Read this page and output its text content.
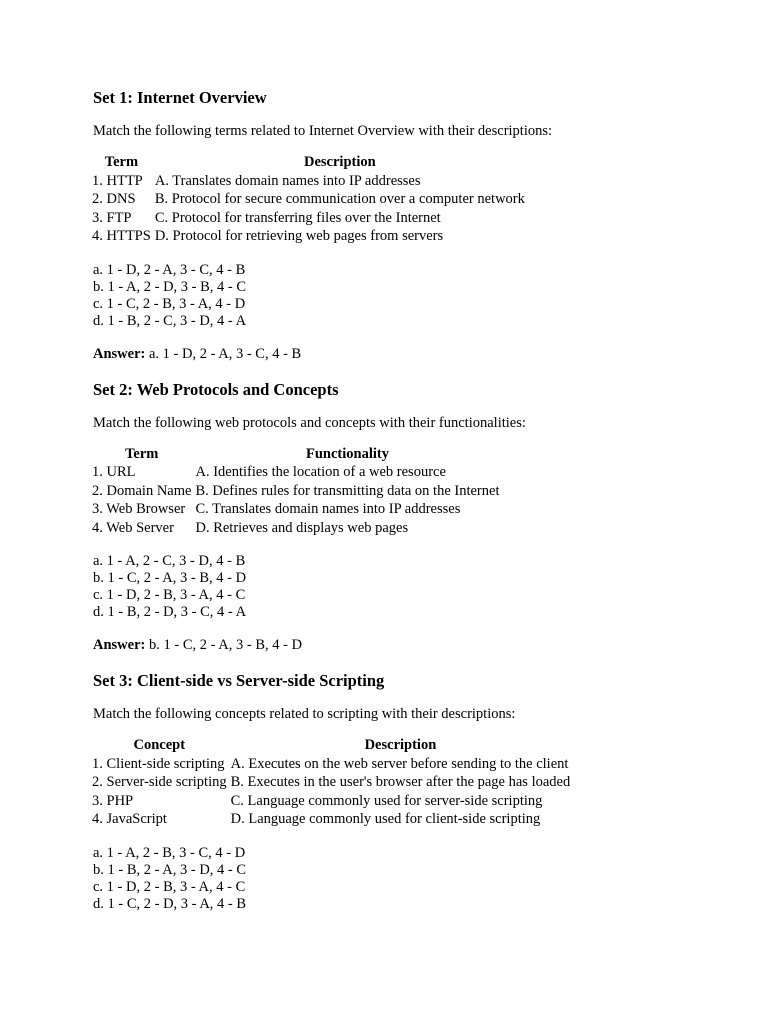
Set 1: Internet Overview

Match the following terms related to Internet Overview with their descriptions:

Term	Description
1. HTTP	A. Translates domain names into IP addresses
2. DNS	B. Protocol for secure communication over a computer network
3. FTP	C. Protocol for transferring files over the Internet
4. HTTPS	D. Protocol for retrieving web pages from servers
a. 1 - D, 2 - A, 3 - C, 4 - B
b. 1 - A, 2 - D, 3 - B, 4 - C
c. 1 - C, 2 - B, 3 - A, 4 - D
d. 1 - B, 2 - C, 3 - D, 4 - A

Answer: a. 1 - D, 2 - A, 3 - C, 4 - B

Set 2: Web Protocols and Concepts

Match the following web protocols and concepts with their functionalities:

Term	Functionality
1. URL	A. Identifies the location of a web resource
2. Domain Name	B. Defines rules for transmitting data on the Internet
3. Web Browser	C. Translates domain names into IP addresses
4. Web Server	D. Retrieves and displays web pages
a. 1 - A, 2 - C, 3 - D, 4 - B
b. 1 - C, 2 - A, 3 - B, 4 - D
c. 1 - D, 2 - B, 3 - A, 4 - C
d. 1 - B, 2 - D, 3 - C, 4 - A

Answer: b. 1 - C, 2 - A, 3 - B, 4 - D

Set 3: Client-side vs Server-side Scripting

Match the following concepts related to scripting with their descriptions:

Concept	Description
1. Client-side scripting	A. Executes on the web server before sending to the client
2. Server-side scripting	B. Executes in the user's browser after the page has loaded
3. PHP	C. Language commonly used for server-side scripting
4. JavaScript	D. Language commonly used for client-side scripting
a. 1 - A, 2 - B, 3 - C, 4 - D
b. 1 - B, 2 - A, 3 - D, 4 - C
c. 1 - D, 2 - B, 3 - A, 4 - C
d. 1 - C, 2 - D, 3 - A, 4 - B
